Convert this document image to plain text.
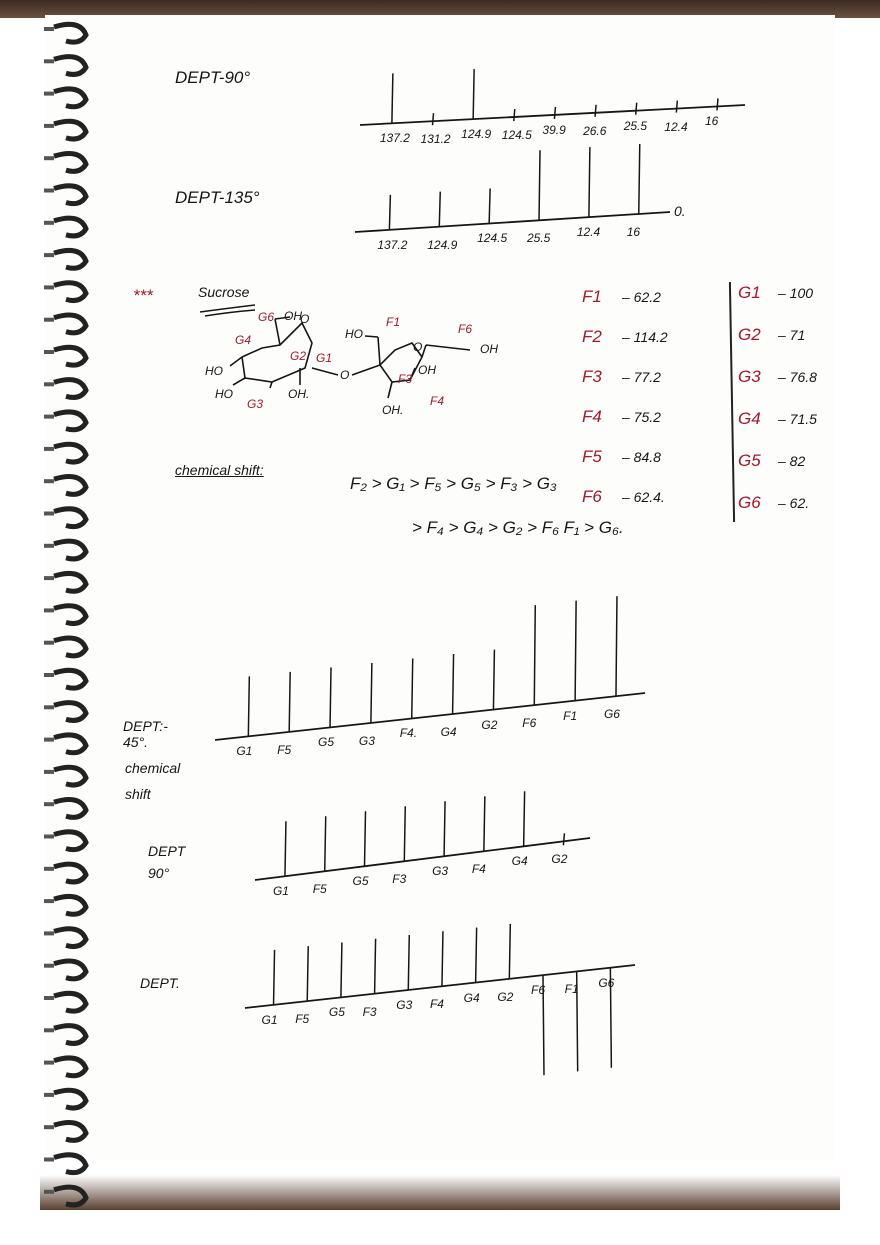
DEPT-90°
DEPT-135°
0.
***	Sucrose
OH
G6
G4
G2 G1
G3
O
HO
HO	OH.
O
HO
F1
O
F6
OH
OH
F3
F4
OH.
F1 – 62.2
F2 – 114.2
F3 – 77.2
F4 – 75.2
F5 – 84.8
F6 – 62.4.
G1 – 100
G2 – 71
G3 – 76.8
G4 – 71.5
G5 – 82
G6 – 62.
chemical shift:
F₂ > G₁ > F₅ > G₅ > F₃ > G₃
> F₄ > G₄ > G₂ > F₆ F₁ > G₆.
DEPT:- 45°.
chemical shift
DEPT 90°
DEPT.
137.2 131.2 124.9 124.5 39.9 26.6 25.5 12.4 16
137.2 124.9 124.5 25.5 12.4 16
G1 F5
G5 G3
F4. G4
G2 F6
F1 G6
G1 F5
G5 F3
G3 F4
G4 G2
G1 F5 G5 F3 G3 F4 G4 G2 F6 F1 G6
